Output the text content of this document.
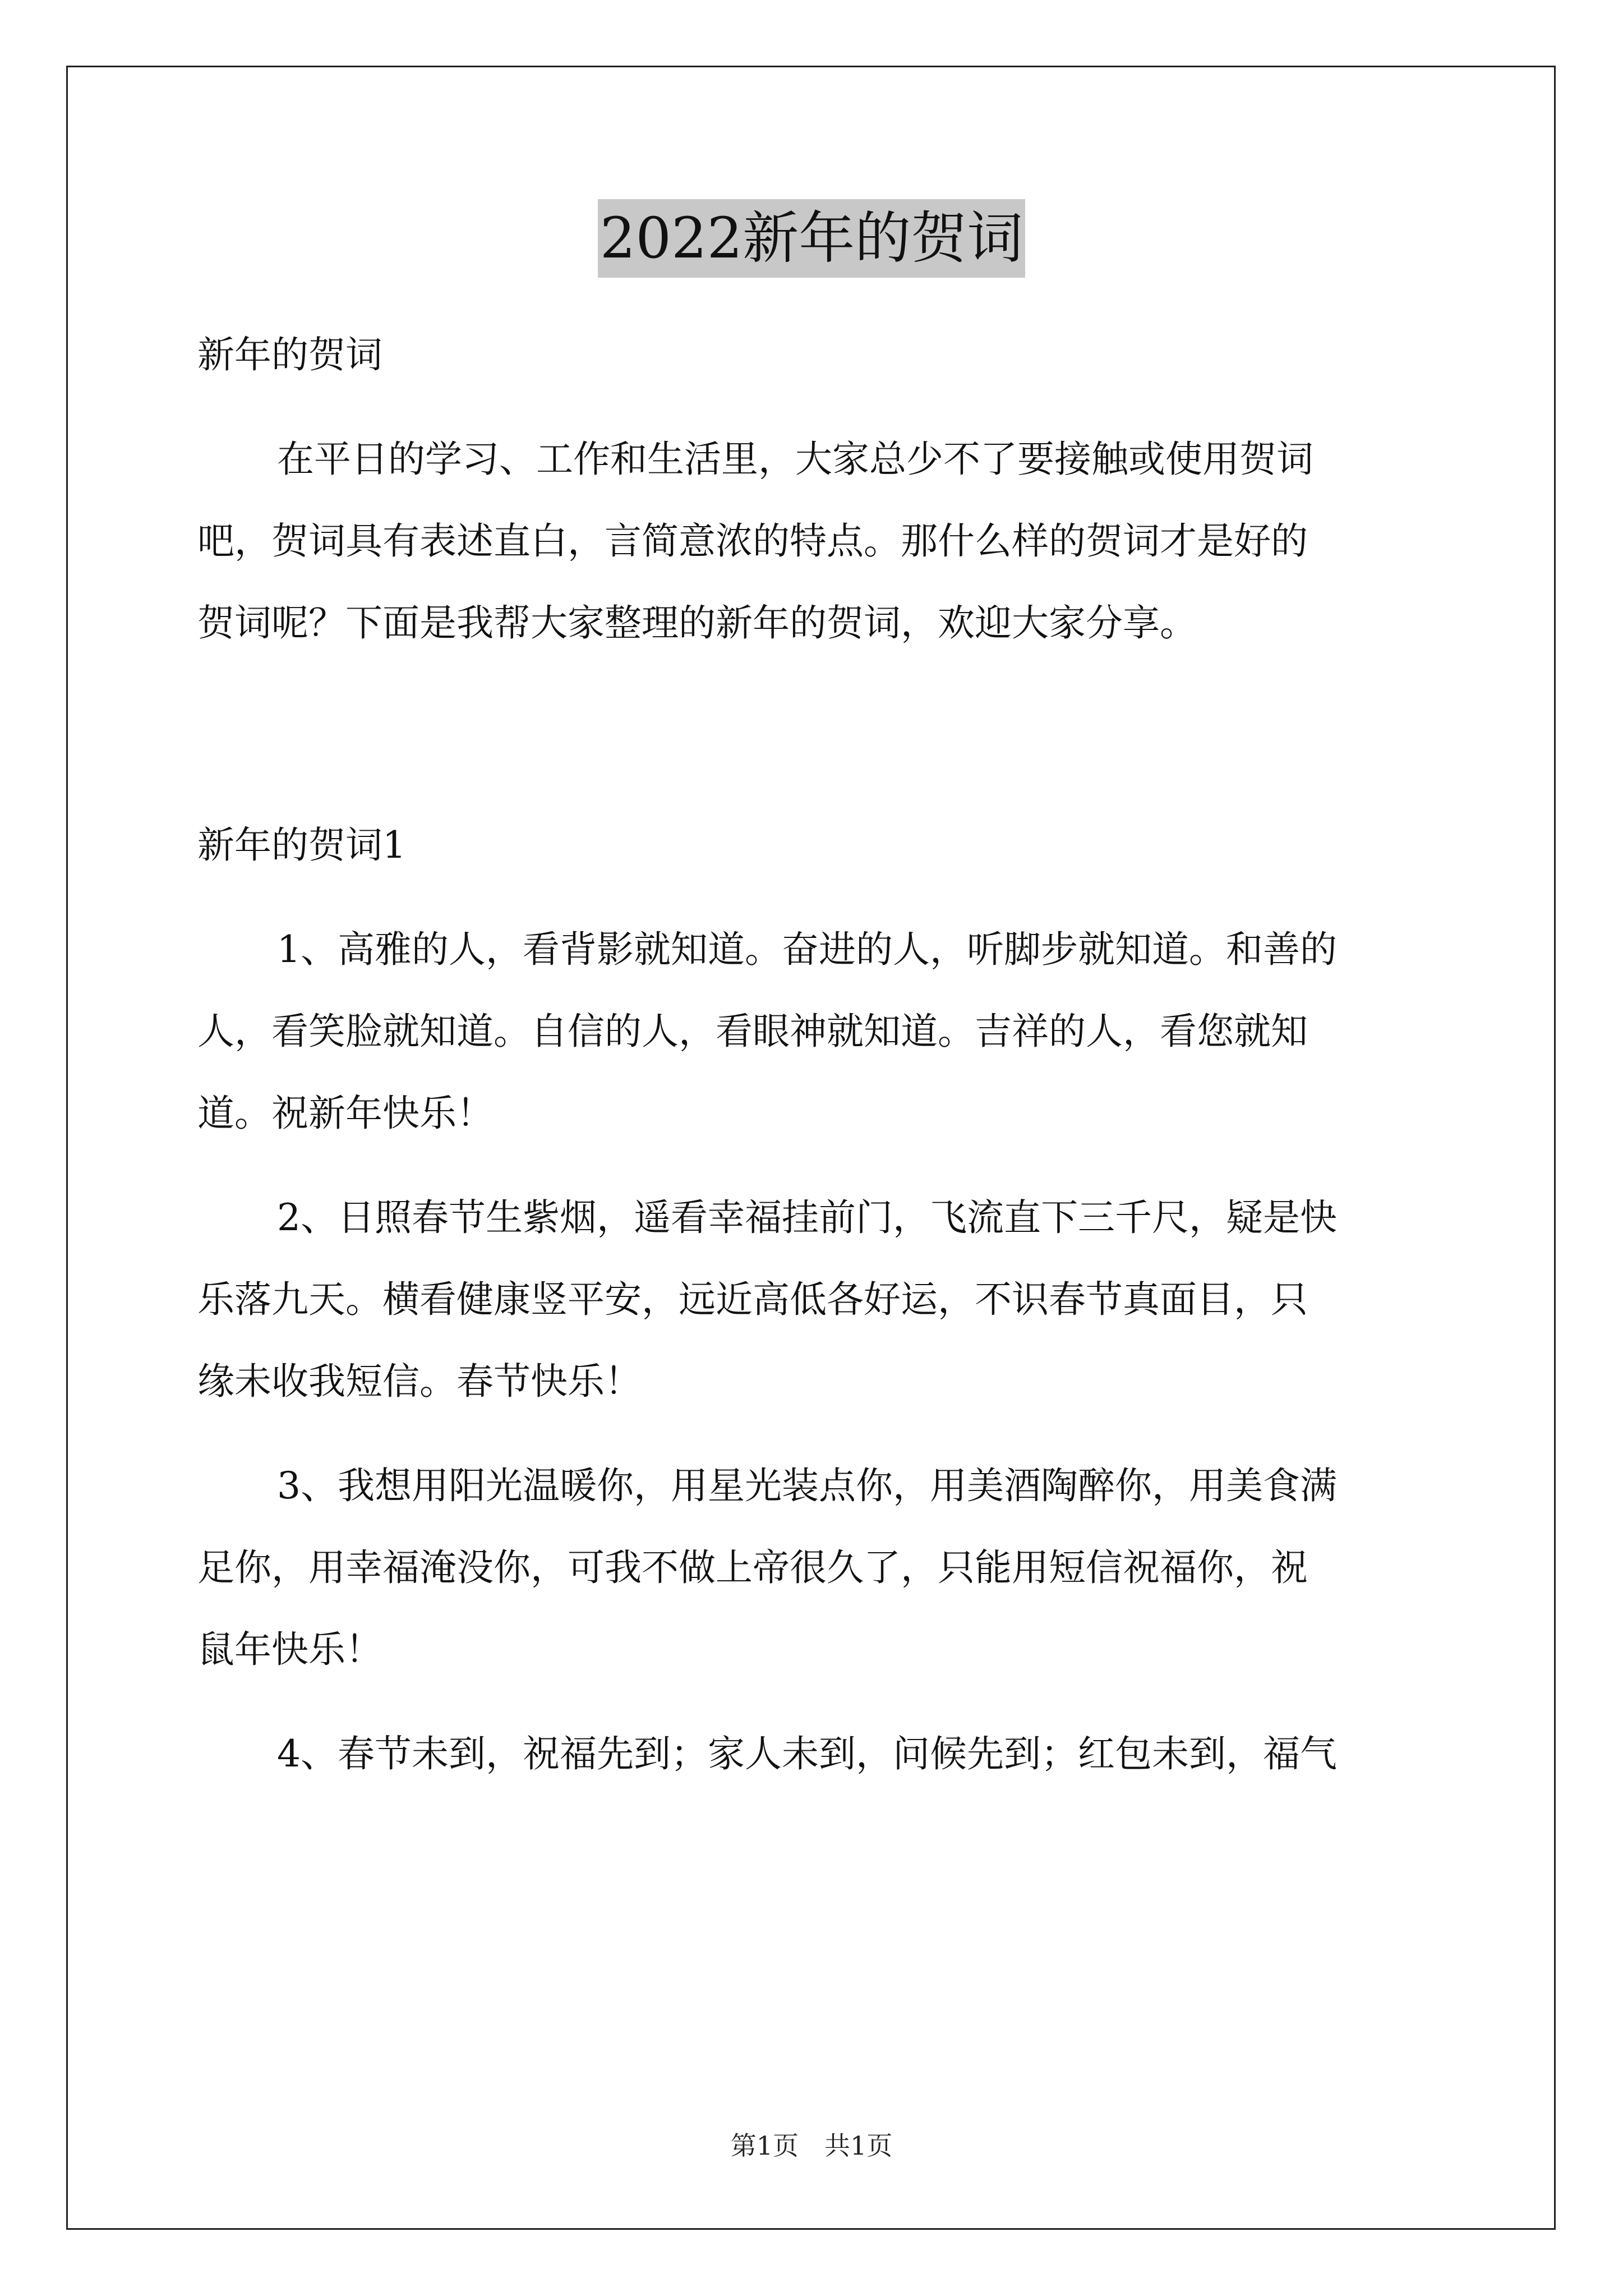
2022新年的贺词
新年的贺词
在平日的学习、工作和生活里，大家总少不了要接触或使用贺词
吧，贺词具有表述直白，言简意浓的特点。那什么样的贺词才是好的
贺词呢？下面是我帮大家整理的新年的贺词，欢迎大家分享。
新年的贺词1
1、高雅的人，看背影就知道。奋进的人，听脚步就知道。和善的
人，看笑脸就知道。自信的人，看眼神就知道。吉祥的人，看您就知
道。祝新年快乐！
2、日照春节生紫烟，遥看幸福挂前门，飞流直下三千尺，疑是快
乐落九天。横看健康竖平安，远近高低各好运，不识春节真面目，只
缘未收我短信。春节快乐！
3、我想用阳光温暖你，用星光装点你，用美酒陶醉你，用美食满
足你，用幸福淹没你，可我不做上帝很久了，只能用短信祝福你，祝
鼠年快乐！
4、春节未到，祝福先到；家人未到，问候先到；红包未到，福气
第1页　共1页
